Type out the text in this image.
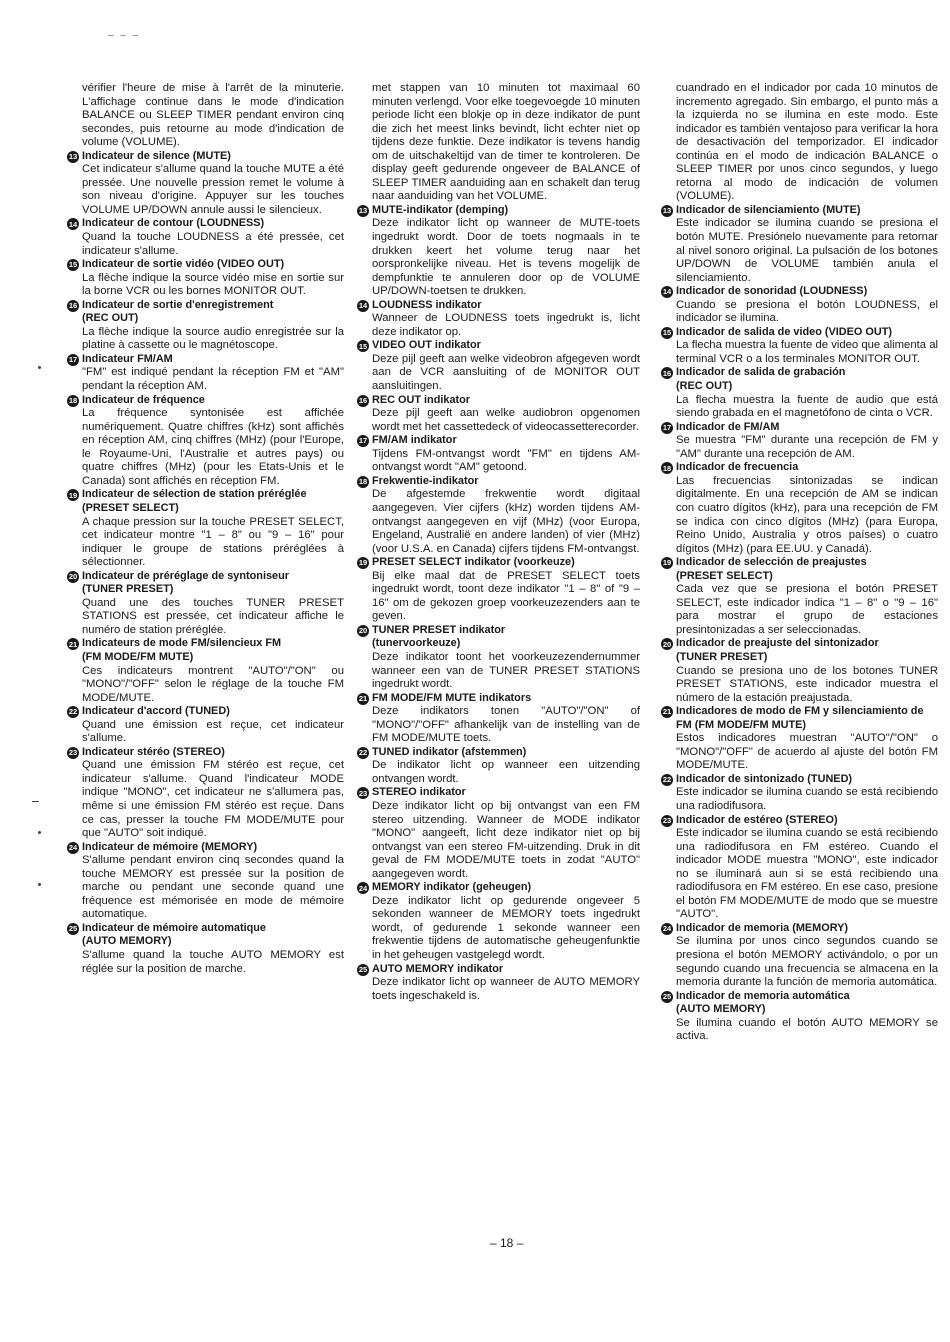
– – –

vérifier l'heure de mise à l'arrêt de la minuterie. L'affichage continue dans le mode d'indication BALANCE ou SLEEP TIMER pendant environ cinq secondes, puis retourne au mode d'indication de volume (VOLUME).

13 Indicateur de silence (MUTE)
Cet indicateur s'allume quand la touche MUTE a été pressée. Une nouvelle pression remet le volume à son niveau d'origine. Appuyer sur les touches VOLUME UP/DOWN annule aussi le silencieux.
14 Indicateur de contour (LOUDNESS)
Quand la touche LOUDNESS a été pressée, cet indicateur s'allume.
15 Indicateur de sortie vidéo (VIDEO OUT)
La flèche indique la source vidéo mise en sortie sur la borne VCR ou les bornes MONITOR OUT.
16 Indicateur de sortie d'enregistrement
(REC OUT)
La flèche indique la source audio enregistrée sur la platine à cassette ou le magnétoscope.
17 Indicateur FM/AM
"FM" est indiqué pendant la réception FM et "AM" pendant la réception AM.
18 Indicateur de fréquence
La fréquence syntonisée est affichée numériquement. Quatre chiffres (kHz) sont affichés en réception AM, cinq chiffres (MHz) (pour l'Europe, le Royaume-Uni, l'Australie et autres pays) ou quatre chiffres (MHz) (pour les Etats-Unis et le Canada) sont affichés en réception FM.
19 Indicateur de sélection de station préréglée
(PRESET SELECT)
A chaque pression sur la touche PRESET SELECT, cet indicateur montre "1 – 8" ou "9 – 16" pour indiquer le groupe de stations préréglées à sélectionner.
20 Indicateur de préréglage de syntoniseur
(TUNER PRESET)
Quand une des touches TUNER PRESET STATIONS est pressée, cet indicateur affiche le numéro de station préréglée.
21 Indicateurs de mode FM/silencieux FM
(FM MODE/FM MUTE)
Ces indicateurs montrent "AUTO"/"ON" ou "MONO"/"OFF" selon le réglage de la touche FM MODE/MUTE.
22 Indicateur d'accord (TUNED)
Quand une émission est reçue, cet indicateur s'allume.
23 Indicateur stéréo (STEREO)
Quand une émission FM stéréo est reçue, cet indicateur s'allume. Quand l'indicateur MODE indique "MONO", cet indicateur ne s'allumera pas, même si une émission FM stéréo est reçue. Dans ce cas, presser la touche FM MODE/MUTE pour que "AUTO" soit indiqué.
24 Indicateur de mémoire (MEMORY)
S'allume pendant environ cinq secondes quand la touche MEMORY est pressée sur la position de marche ou pendant une seconde quand une fréquence est mémorisée en mode de mémoire automatique.
25 Indicateur de mémoire automatique
(AUTO MEMORY)
S'allume quand la touche AUTO MEMORY est réglée sur la position de marche.

met stappen van 10 minuten tot maximaal 60 minuten verlengd. Voor elke toegevoegde 10 minuten periode licht een blokje op in deze indikator de punt die zich het meest links bevindt, licht echter niet op tijdens deze funktie. Deze indikator is tevens handig om de uitschakeltijd van de timer te kontroleren. De display geeft gedurende ongeveer de BALANCE of SLEEP TIMER aanduiding aan en schakelt dan terug naar aanduiding van het VOLUME.

13 MUTE-indikator (demping)
Deze indikator licht op wanneer de MUTE-toets ingedrukt wordt. Door de toets nogmaals in te drukken keert het volume terug naar het oorspronkelijke niveau. Het is tevens mogelijk de dempfunktie te annuleren door op de VOLUME UP/DOWN-toetsen te drukken.
14 LOUDNESS indikator
Wanneer de LOUDNESS toets ingedrukt is, licht deze indikator op.
15 VIDEO OUT indikator
Deze pijl geeft aan welke videobron afgegeven wordt aan de VCR aansluiting of de MONITOR OUT aansluitingen.
16 REC OUT indikator
Deze pijl geeft aan welke audiobron opgenomen wordt met het cassettedeck of videocassetterecorder.
17 FM/AM indikator
Tijdens FM-ontvangst wordt "FM" en tijdens AM-ontvangst wordt "AM" getoond.
18 Frekwentie-indikator
De afgestemde frekwentie wordt digitaal aangegeven. Vier cijfers (kHz) worden tijdens AM-ontvangst aangegeven en vijf (MHz) (voor Europa, Engeland, Australië en andere landen) of vier (MHz) (voor U.S.A. en Canada) cijfers tijdens FM-ontvangst.
19 PRESET SELECT indikator (voorkeuze)
Bij elke maal dat de PRESET SELECT toets ingedrukt wordt, toont deze indikator "1 – 8" of "9 – 16" om de gekozen groep voorkeuzezenders aan te geven.
20 TUNER PRESET indikator
(tunervoorkeuze)
Deze indikator toont het voorkeuzezendernummer wanneer een van de TUNER PRESET STATIONS ingedrukt wordt.
21 FM MODE/FM MUTE indikators
Deze indikators tonen "AUTO"/"ON" of "MONO"/"OFF" afhankelijk van de instelling van de FM MODE/MUTE toets.
22 TUNED indikator (afstemmen)
De indikator licht op wanneer een uitzending ontvangen wordt.
23 STEREO indikator
Deze indikator licht op bij ontvangst van een FM stereo uitzending. Wanneer de MODE indikator "MONO" aangeeft, licht deze indikator niet op bij ontvangst van een stereo FM-uitzending. Druk in dit geval de FM MODE/MUTE toets in zodat "AUTO" aangegeven wordt.
24 MEMORY indikator (geheugen)
Deze indikator licht op gedurende ongeveer 5 sekonden wanneer de MEMORY toets ingedrukt wordt, of gedurende 1 sekonde wanneer een frekwentie tijdens de automatische geheugenfunktie in het geheugen vastgelegd wordt.
25 AUTO MEMORY indikator
Deze indikator licht op wanneer de AUTO MEMORY toets ingeschakeld is.

cuandrado en el indicador por cada 10 minutos de incremento agregado. Sin embargo, el punto más a la izquierda no se ilumina en este modo. Este indicador es también ventajoso para verificar la hora de desactivación del temporizador. El indicador continúa en el modo de indicación BALANCE o SLEEP TIMER por unos cinco segundos, y luego retorna al modo de indicación de volumen (VOLUME).

13 Indicador de silenciamiento (MUTE)
Este indicador se ilumina cuando se presiona el botón MUTE. Presiónelo nuevamente para retornar al nivel sonoro original. La pulsación de los botones UP/DOWN de VOLUME también anula el silenciamiento.
14 Indicador de sonoridad (LOUDNESS)
Cuando se presiona el botón LOUDNESS, el indicador se ilumina.
15 Indicador de salida de video (VIDEO OUT)
La flecha muestra la fuente de video que alimenta al terminal VCR o a los terminales MONITOR OUT.
16 Indicador de salida de grabación
(REC OUT)
La flecha muestra la fuente de audio que está siendo grabada en el magnetófono de cinta o VCR.
17 Indicador de FM/AM
Se muestra "FM" durante una recepción de FM y "AM" durante una recepción de AM.
18 Indicador de frecuencia
Las frecuencias sintonizadas se indican digitalmente. En una recepción de AM se indican con cuatro dígitos (kHz), para una recepción de FM se indica con cinco dígitos (MHz) (para Europa, Reino Unido, Australia y otros países) o cuatro dígitos (MHz) (para EE.UU. y Canadá).
19 Indicador de selección de preajustes
(PRESET SELECT)
Cada vez que se presiona el botón PRESET SELECT, este indicador indica "1 – 8" o "9 – 16" para mostrar el grupo de estaciones presintonizadas a ser seleccionadas.
20 Indicador de preajuste del sintonizador
(TUNER PRESET)
Cuando se presiona uno de los botones TUNER PRESET STATIONS, este indicador muestra el número de la estación preajustada.
21 Indicadores de modo de FM y silenciamiento de FM (FM MODE/FM MUTE)
Estos indicadores muestran "AUTO"/"ON" o "MONO"/"OFF" de acuerdo al ajuste del botón FM MODE/MUTE.
22 Indicador de sintonizado (TUNED)
Este indicador se ilumina cuando se está recibiendo una radiodifusora.
23 Indicador de estéreo (STEREO)
Este indicador se ilumina cuando se está recibiendo una radiodifusora en FM estéreo. Cuando el indicador MODE muestra "MONO", este indicador no se iluminará aun si se está recibiendo una radiodifusora en FM estéreo. En ese caso, presione el botón FM MODE/MUTE de modo que se muestre "AUTO".
24 Indicador de memoria (MEMORY)
Se ilumina por unos cinco segundos cuando se presiona el botón MEMORY activándolo, o por un segundo cuando una frecuencia se almacena en la memoria durante la función de memoria automática.
25 Indicador de memoria automática
(AUTO MEMORY)
Se ilumina cuando el botón AUTO MEMORY se activa.
– 18 –
